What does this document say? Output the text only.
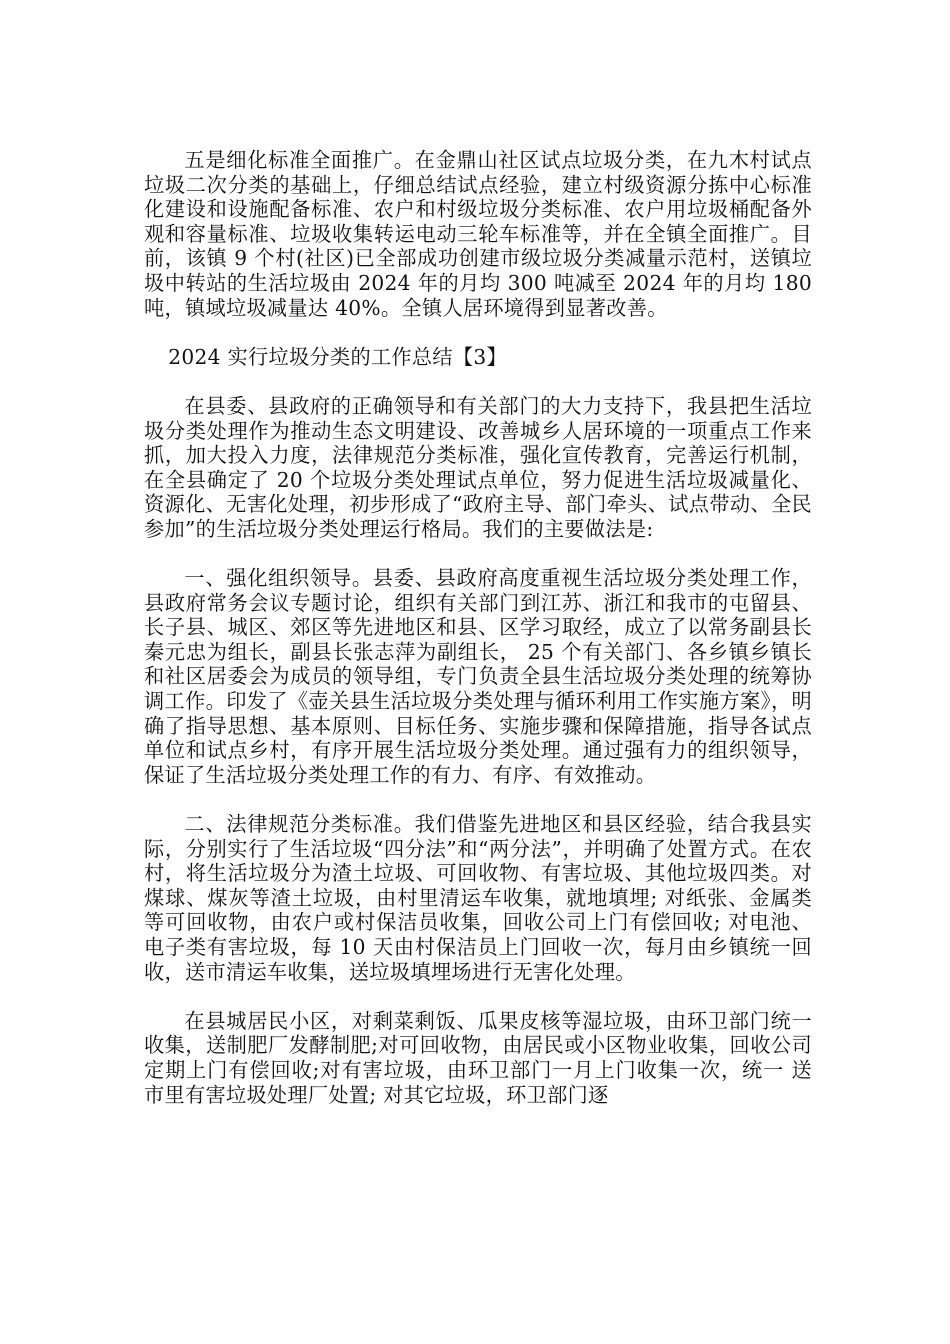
五是细化标准全面推广。在金鼎山社区试点垃圾分类，在九木村试点垃圾二次分类的基础上，仔细总结试点经验，建立村级资源分拣中心标准化建设和设施配备标准、农户和村级垃圾分类标准、农户用垃圾桶配备外观和容量标准、垃圾收集转运电动三轮车标准等，并在全镇全面推广。目前，该镇 9 个村(社区)已全部成功创建市级垃圾分类减量示范村，送镇垃圾中转站的生活垃圾由 2024 年的月均 300 吨减至 2024 年的月均 180 吨，镇域垃圾减量达 40%。全镇人居环境得到显著改善。

2024 实行垃圾分类的工作总结【3】

在县委、县政府的正确领导和有关部门的大力支持下，我县把生活垃圾分类处理作为推动生态文明建设、改善城乡人居环境的一项重点工作来抓，加大投入力度，法律规范分类标准，强化宣传教育，完善运行机制，在全县确定了 20 个垃圾分类处理试点单位，努力促进生活垃圾减量化、资源化、无害化处理，初步形成了“政府主导、部门牵头、试点带动、全民参加”的生活垃圾分类处理运行格局。我们的主要做法是:

一、强化组织领导。县委、县政府高度重视生活垃圾分类处理工作，县政府常务会议专题讨论，组织有关部门到江苏、浙江和我市的屯留县、长子县、城区、郊区等先进地区和县、区学习取经，成立了以常务副县长秦元忠为组长，副县长张志萍为副组长， 25 个有关部门、各乡镇乡镇长和社区居委会为成员的领导组，专门负责全县生活垃圾分类处理的统筹协调工作。印发了《壶关县生活垃圾分类处理与循环利用工作实施方案》，明确了指导思想、基本原则、目标任务、实施步骤和保障措施，指导各试点单位和试点乡村，有序开展生活垃圾分类处理。通过强有力的组织领导，保证了生活垃圾分类处理工作的有力、有序、有效推动。

二、法律规范分类标准。我们借鉴先进地区和县区经验，结合我县实际，分别实行了生活垃圾“四分法”和“两分法”，并明确了处置方式。在农村，将生活垃圾分为渣土垃圾、可回收物、有害垃圾、其他垃圾四类。对煤球、煤灰等渣土垃圾，由村里清运车收集，就地填埋; 对纸张、金属类等可回收物，由农户或村保洁员收集，回收公司上门有偿回收; 对电池、电子类有害垃圾，每 10 天由村保洁员上门回收一次，每月由乡镇统一回收，送市清运车收集，送垃圾填埋场进行无害化处理。

在县城居民小区，对剩菜剩饭、瓜果皮核等湿垃圾，由环卫部门统一收集，送制肥厂发酵制肥;对可回收物，由居民或小区物业收集，回收公司定期上门有偿回收;对有害垃圾，由环卫部门一月上门收集一次，统一 送市里有害垃圾处理厂处置; 对其它垃圾，环卫部门逐
